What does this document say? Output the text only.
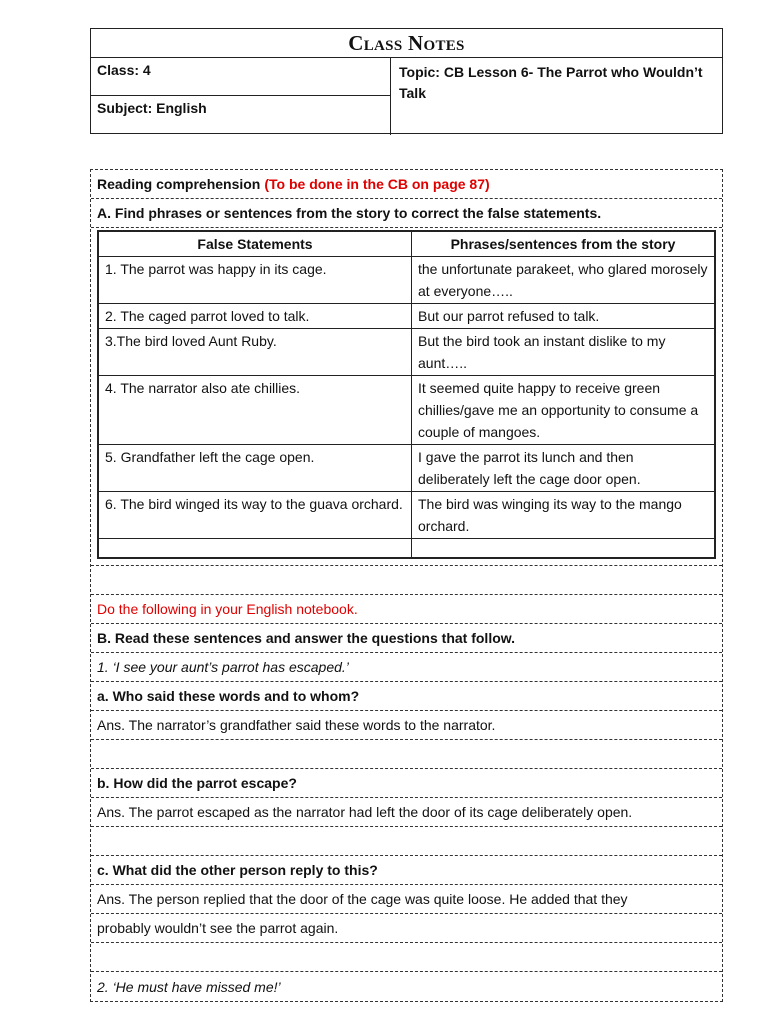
Class Notes
Class: 4
Subject: English
Topic: CB Lesson 6- The Parrot who Wouldn’t Talk
Reading comprehension (To be done in the CB on page 87)
A. Find phrases or sentences from the story to correct the false statements.
False Statements	Phrases/sentences from the story
1. The parrot was happy in its cage.	the unfortunate parakeet, who glared morosely at everyone…..
2. The caged parrot loved to talk.	But our parrot refused to talk.
3.The bird loved Aunt Ruby.	But the bird took an instant dislike to my aunt…..
4. The narrator also ate chillies.	It seemed quite happy to receive green chillies/gave me an opportunity to consume a couple of mangoes.
5. Grandfather left the cage open.	I gave the parrot its lunch and then deliberately left the cage door open.
6. The bird winged its way to the guava orchard.	The bird was winging its way to the mango orchard.

Do the following in your English notebook.
B. Read these sentences and answer the questions that follow.
1. ‘I see your aunt’s parrot has escaped.’
a. Who said these words and to whom?
Ans. The narrator’s grandfather said these words to the narrator.
b. How did the parrot escape?
Ans. The parrot escaped as the narrator had left the door of its cage deliberately open.
c. What did the other person reply to this?
Ans. The person replied that the door of the cage was quite loose. He added that they
probably wouldn’t see the parrot again.
2. ‘He must have missed me!’
